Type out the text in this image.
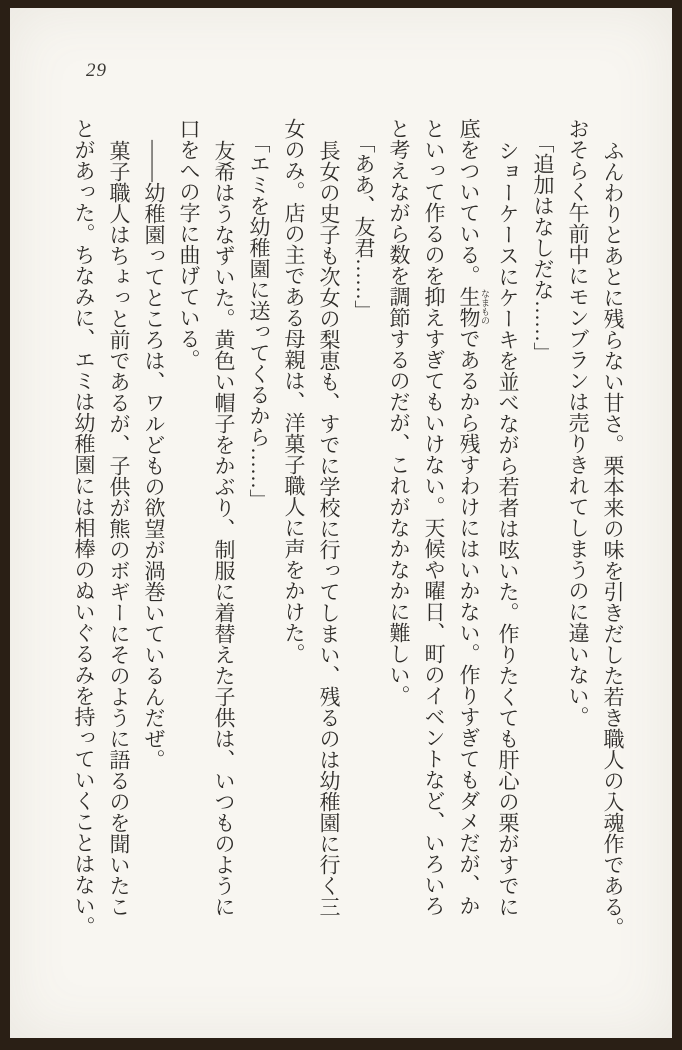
29

ふんわりとあとに残らない甘さ。栗本来の味を引きだした若き職人の入魂作である。

おそらく午前中にモンブランは売りきれてしまうのに違いない。

「追加はなしだな……」

ショーケースにケーキを並べながら若者は呟いた。作りたくても肝心の栗がすでに

底をついている。生物 なまものであるから残すわけにはいかない。作りすぎてもダメだが、か

といって作るのを抑えすぎてもいけない。天候や曜日、町のイベントなど、いろいろ

と考えながら数を調節するのだが、これがなかなかに難しい。

「ああ、友君……」

長女の史子も次女の梨恵も、すでに学校に行ってしまい、残るのは幼稚園に行く三

女のみ。店の主である母親は、洋菓子職人に声をかけた。

「エミを幼稚園に送ってくるから……」

友希はうなずいた。黄色い帽子をかぶり、制服に着替えた子供は、いつものように

口をへの字に曲げている。

――幼稚園ってところは、ワルどもの欲望が渦巻いているんだぜ。

菓子職人はちょっと前であるが、子供が熊のボギーにそのように語るのを聞いたこ

とがあった。ちなみに、エミは幼稚園には相棒のぬいぐるみを持っていくことはない。
